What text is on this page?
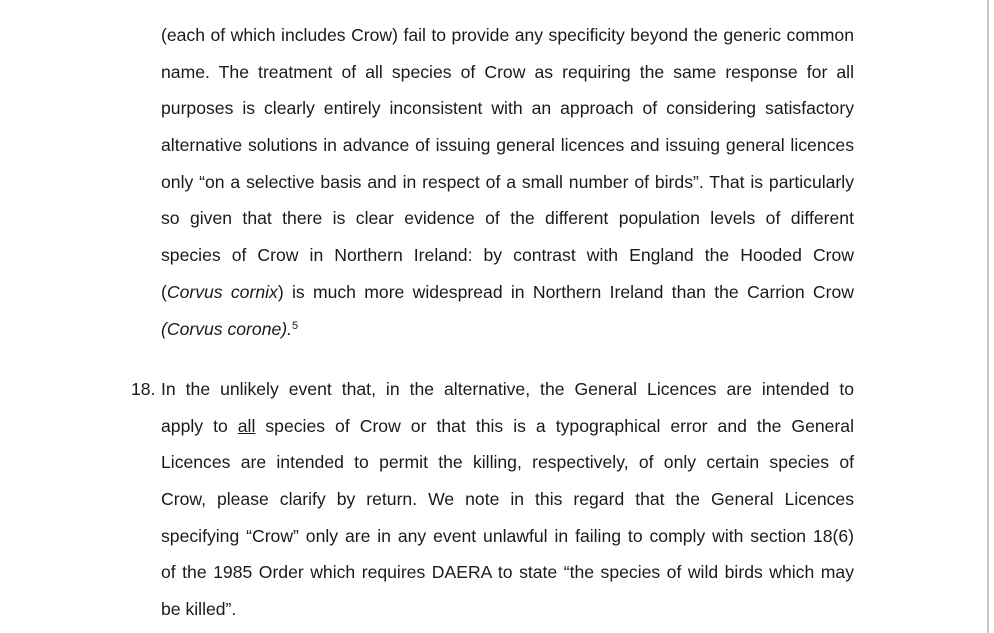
(each of which includes Crow) fail to provide any specificity beyond the generic common
name. The treatment of all species of Crow as requiring the same response for all
purposes is clearly entirely inconsistent with an approach of considering satisfactory
alternative solutions in advance of issuing general licences and issuing general licences
only “on a selective basis and in respect of a small number of birds”. That is particularly
so given that there is clear evidence of the different population levels of different
species of Crow in Northern Ireland: by contrast with England the Hooded Crow
(Corvus cornix) is much more widespread in Northern Ireland than the Carrion Crow
(Corvus corone).$^5$
18. In the unlikely event that, in the alternative, the General Licences are intended to
apply to all species of Crow or that this is a typographical error and the General
Licences are intended to permit the killing, respectively, of only certain species of
Crow, please clarify by return. We note in this regard that the General Licences
specifying “Crow” only are in any event unlawful in failing to comply with section 18(6)
of the 1985 Order which requires DAERA to state “the species of wild birds which may
be killed”.
